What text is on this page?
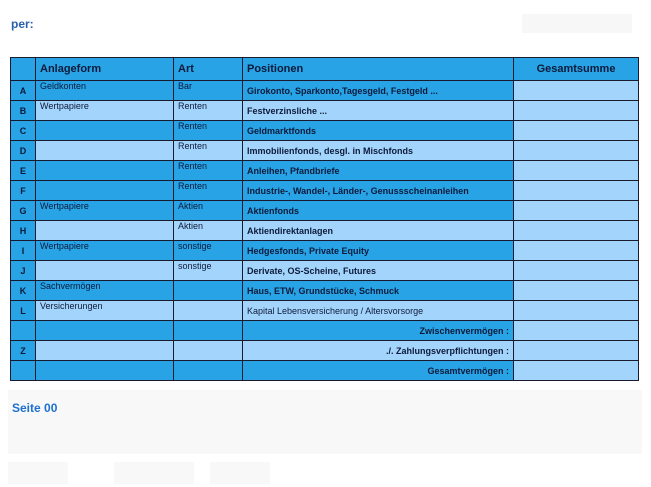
per:
	Anlageform	Art	Positionen	Gesamtsumme
A	Geldkonten	Bar	Girokonto, Sparkonto,Tagesgeld, Festgeld ...	
B	Wertpapiere	Renten	Festverzinsliche ...	
C		Renten	Geldmarktfonds	
D		Renten	Immobilienfonds, desgl. in Mischfonds	
E		Renten	Anleihen, Pfandbriefe	
F		Renten	Industrie-, Wandel-, Länder-, Genussscheinanleihen	
G	Wertpapiere	Aktien	Aktienfonds	
H		Aktien	Aktiendirektanlagen	
I	Wertpapiere	sonstige	Hedgesfonds, Private Equity	
J		sonstige	Derivate, OS-Scheine, Futures	
K	Sachvermögen		Haus, ETW, Grundstücke, Schmuck	
L	Versicherungen		Kapital Lebensversicherung / Altersvorsorge	
			Zwischenvermögen :	
Z			./. Zahlungsverpflichtungen :	
			Gesamtvermögen :	
Seite 00
